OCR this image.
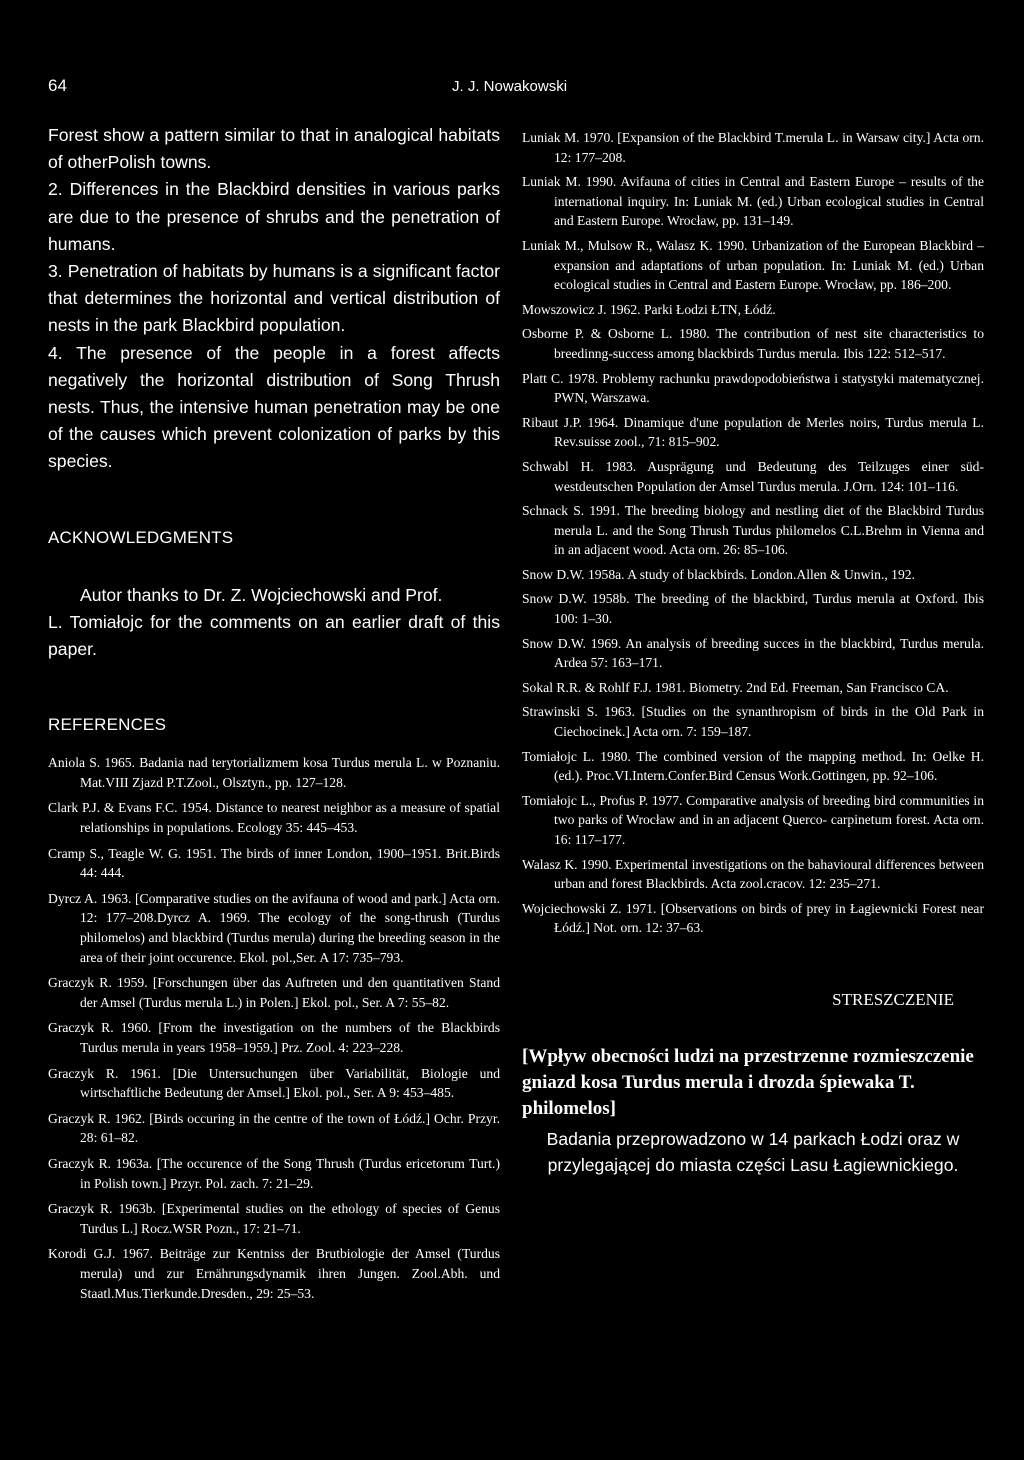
64	J. J. Nowakowski

Forest show a pattern similar to that in analogical habitats of otherPolish towns.

2. Differences in the Blackbird densities in various parks are due to the presence of shrubs and the penetration of humans.

3. Penetration of habitats by humans is a significant factor that determines the horizontal and vertical distribution of nests in the park Blackbird population.

4. The presence of the people in a forest affects negatively the horizontal distribution of Song Thrush nests. Thus, the intensive human penetration may be one of the causes which prevent colonization of parks by this species.

ACKNOWLEDGMENTS
Autor thanks to Dr. Z. Wojciechowski and Prof.
L. Tomiałojc for the comments on an earlier draft of this paper.
REFERENCES

Aniola S. 1965. Badania nad terytorializmem kosa Turdus merula L. w Poznaniu. Mat.VIII Zjazd P.T.Zool., Olsztyn., pp. 127–128.

Clark P.J. & Evans F.C. 1954. Distance to nearest neighbor as a measure of spatial relationships in populations. Ecology 35: 445–453.

Cramp S., Teagle W. G. 1951. The birds of inner London, 1900–1951. Brit.Birds 44: 444.

Dyrcz A. 1963. [Comparative studies on the avifauna of wood and park.] Acta orn. 12: 177–208.Dyrcz A. 1969. The ecology of the song-thrush (Turdus philomelos) and blackbird (Turdus merula) during the breeding season in the area of their joint occurence. Ekol. pol.,Ser. A 17: 735–793.

Graczyk R. 1959. [Forschungen über das Auftreten und den quantitativen Stand der Amsel (Turdus merula L.) in Polen.] Ekol. pol., Ser. A 7: 55–82.

Graczyk R. 1960. [From the investigation on the numbers of the Blackbirds Turdus merula in years 1958–1959.] Prz. Zool. 4: 223–228.

Graczyk R. 1961. [Die Untersuchungen über Variabilität, Biologie und wirtschaftliche Bedeutung der Amsel.] Ekol. pol., Ser. A 9: 453–485.

Graczyk R. 1962. [Birds occuring in the centre of the town of Łódź.] Ochr. Przyr. 28: 61–82.

Graczyk R. 1963a. [The occurence of the Song Thrush (Turdus ericetorum Turt.) in Polish town.] Przyr. Pol. zach. 7: 21–29.

Graczyk R. 1963b. [Experimental studies on the ethology of species of Genus Turdus L.] Rocz.WSR Pozn., 17: 21–71.

Korodi G.J. 1967. Beiträge zur Kentniss der Brutbiologie der Amsel (Turdus merula) und zur Ernährungsdynamik ihren Jungen. Zool.Abh. und Staatl.Mus.Tierkunde.Dresden., 29: 25–53.

Luniak M. 1970. [Expansion of the Blackbird T.merula L. in Warsaw city.] Acta orn. 12: 177–208.

Luniak M. 1990. Avifauna of cities in Central and Eastern Europe – results of the international inquiry. In: Luniak M. (ed.) Urban ecological studies in Central and Eastern Europe. Wrocław, pp. 131–149.

Luniak M., Mulsow R., Walasz K. 1990. Urbanization of the European Blackbird – expansion and adaptations of urban population. In: Luniak M. (ed.) Urban ecological studies in Central and Eastern Europe. Wrocław, pp. 186–200.

Mowszowicz J. 1962. Parki Łodzi ŁTN, Łódź.

Osborne P. & Osborne L. 1980. The contribution of nest site characteristics to breedinng-success among blackbirds Turdus merula. Ibis 122: 512–517.

Platt C. 1978. Problemy rachunku prawdopodobieństwa i statystyki matematycznej. PWN, Warszawa.

Ribaut J.P. 1964. Dinamique d'une population de Merles noirs, Turdus merula L. Rev.suisse zool., 71: 815–902.

Schwabl H. 1983. Ausprägung und Bedeutung des Teilzuges einer süd- westdeutschen Population der Amsel Turdus merula. J.Orn. 124: 101–116.

Schnack S. 1991. The breeding biology and nestling diet of the Blackbird Turdus merula L. and the Song Thrush Turdus philomelos C.L.Brehm in Vienna and in an adjacent wood. Acta orn. 26: 85–106.

Snow D.W. 1958a. A study of blackbirds. London.Allen & Unwin., 192.

Snow D.W. 1958b. The breeding of the blackbird, Turdus merula at Oxford. Ibis 100: 1–30.

Snow D.W. 1969. An analysis of breeding succes in the blackbird, Turdus merula. Ardea 57: 163–171.

Sokal R.R. & Rohlf F.J. 1981. Biometry. 2nd Ed. Freeman, San Francisco CA.

Strawinski S. 1963. [Studies on the synanthropism of birds in the Old Park in Ciechocinek.] Acta orn. 7: 159–187.

Tomiałojc L. 1980. The combined version of the mapping method. In: Oelke H. (ed.). Proc.VI.Intern.Confer.Bird Census Work.Gottingen, pp. 92–106.

Tomiałojc L., Profus P. 1977. Comparative analysis of breeding bird communities in two parks of Wrocław and in an adjacent Querco- carpinetum forest. Acta orn. 16: 117–177.

Walasz K. 1990. Experimental investigations on the bahavioural differences between urban and forest Blackbirds. Acta zool.cracov. 12: 235–271.

Wojciechowski Z. 1971. [Observations on birds of prey in Łagiewnicki Forest near Łódź.] Not. orn. 12: 37–63.

STRESZCZENIE
[Wpływ obecności ludzi na przestrzenne rozmieszczenie gniazd kosa Turdus merula i drozda śpiewaka T. philomelos]
Badania przeprowadzono w 14 parkach Łodzi oraz w przylegającej do miasta części Lasu Łagiewnickiego.
